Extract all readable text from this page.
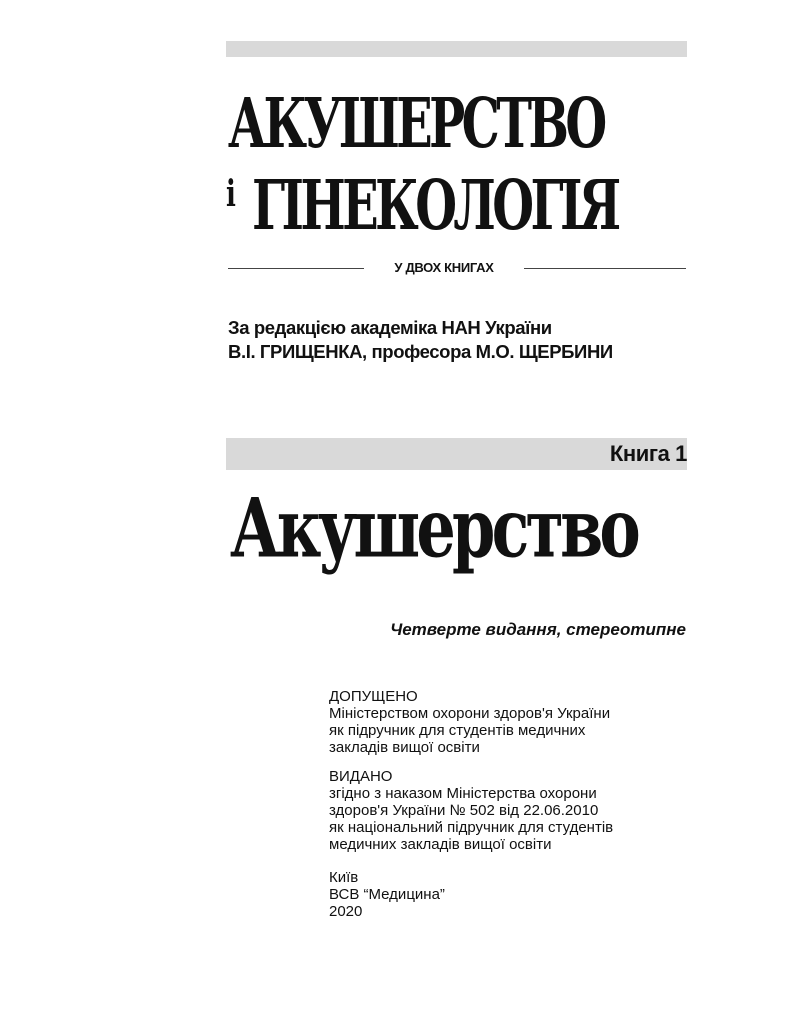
АКУШЕРСТВО
і ГІНЕКОЛОГІЯ
У ДВОХ КНИГАХ
За редакцією академіка НАН України
В.І. ГРИЩЕНКА, професора М.О. ЩЕРБИНИ
Книга 1
Акушерство
Четверте видання, стереотипне
ДОПУЩЕНО
Міністерством охорони здоров'я України
як підручник для студентів медичних
закладів вищої освіти
ВИДАНО
згідно з наказом Міністерства охорони
здоров'я України № 502 від 22.06.2010
як національний підручник для студентів
медичних закладів вищої освіти
Київ
ВСВ “Медицина”
2020
